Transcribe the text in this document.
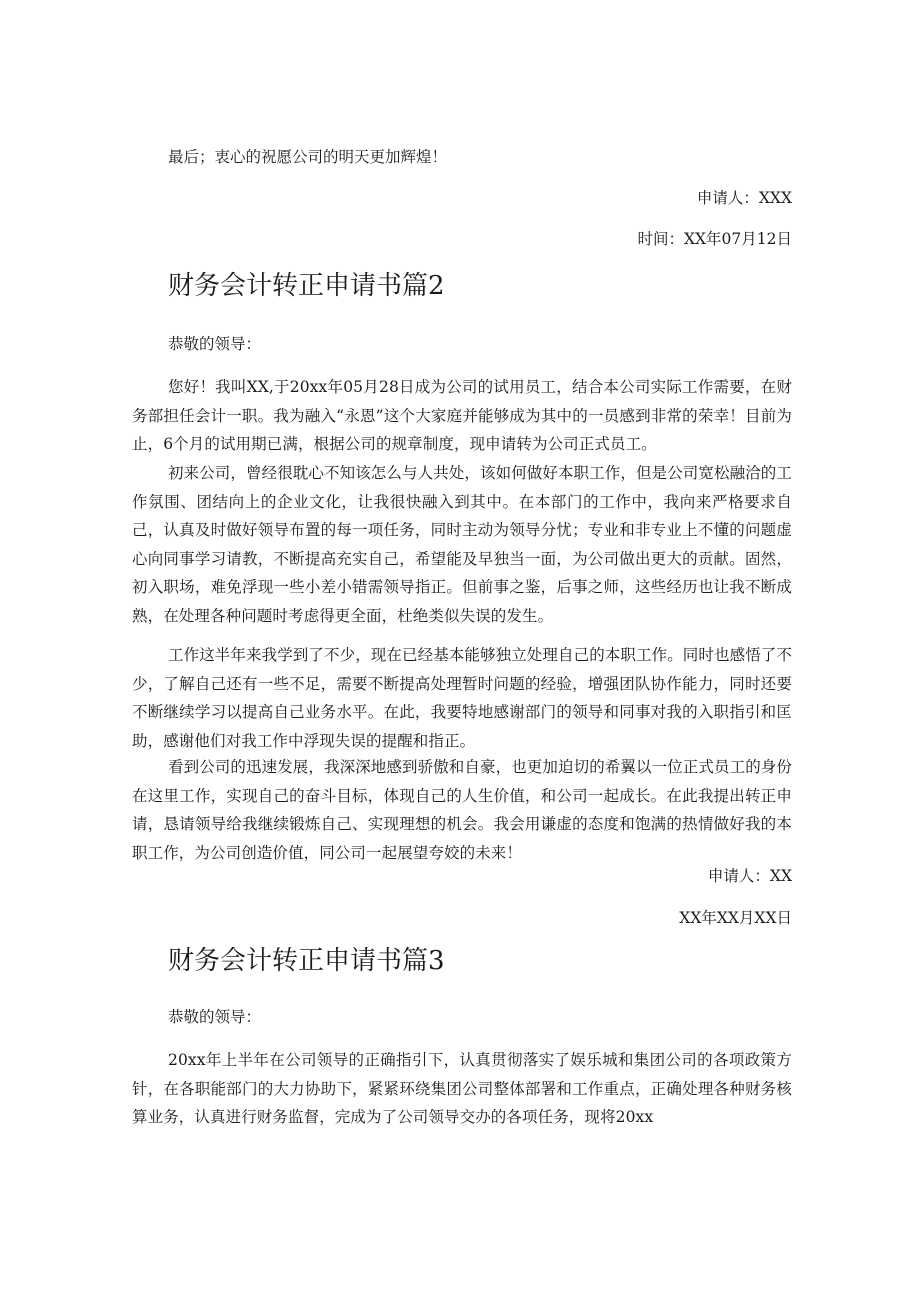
最后；衷心的祝愿公司的明天更加辉煌！

申请人：XXX
时间：XX年07月12日
财务会计转正申请书篇2
恭敬的领导：

您好！我叫XX,于20xx年05月28日成为公司的试用员工，结合本公司实际工作需要，在财务部担任会计一职。我为融入“永恩”这个大家庭并能够成为其中的一员感到非常的荣幸！目前为止，6个月的试用期已满，根据公司的规章制度，现申请转为公司正式员工。

初来公司，曾经很耽心不知该怎么与人共处，该如何做好本职工作，但是公司宽松融洽的工作氛围、团结向上的企业文化，让我很快融入到其中。在本部门的工作中，我向来严格要求自己，认真及时做好领导布置的每一项任务，同时主动为领导分忧；专业和非专业上不懂的问题虚心向同事学习请教，不断提高充实自己，希望能及早独当一面，为公司做出更大的贡献。固然，初入职场，难免浮现一些小差小错需领导指正。但前事之鉴，后事之师，这些经历也让我不断成熟，在处理各种问题时考虑得更全面，杜绝类似失误的发生。

工作这半年来我学到了不少，现在已经基本能够独立处理自己的本职工作。同时也感悟了不少，了解自己还有一些不足，需要不断提高处理暂时问题的经验，增强团队协作能力，同时还要不断继续学习以提高自己业务水平。在此，我要特地感谢部门的领导和同事对我的入职指引和匡助，感谢他们对我工作中浮现失误的提醒和指正。

看到公司的迅速发展，我深深地感到骄傲和自豪，也更加迫切的希翼以一位正式员工的身份在这里工作，实现自己的奋斗目标，体现自己的人生价值，和公司一起成长。在此我提出转正申请，恳请领导给我继续锻炼自己、实现理想的机会。我会用谦虚的态度和饱满的热情做好我的本职工作，为公司创造价值，同公司一起展望夸姣的未来！

申请人：XX
XX年XX月XX日
财务会计转正申请书篇3
恭敬的领导：

20xx年上半年在公司领导的正确指引下，认真贯彻落实了娱乐城和集团公司的各项政策方针，在各职能部门的大力协助下，紧紧环绕集团公司整体部署和工作重点，正确处理各种财务核算业务，认真进行财务监督，完成为了公司领导交办的各项任务，现将20xx
